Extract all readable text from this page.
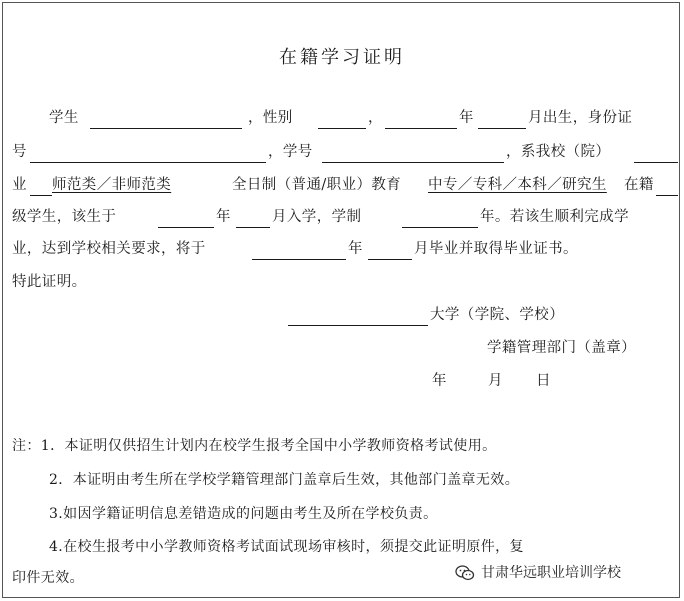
在籍学习证明
学生	，性别	，	年	月出生，身份证
号	，学号	，系我校（院）
业 师范类／非师范类	全日制（普通/职业）教育 中专／专科／本科／研究生 在籍
级学生，该生于	年	月入学，学制	年。若该生顺利完成学
业，达到学校相关要求，将于	年	月毕业并取得毕业证书。
特此证明。
大学（学院、学校）
学籍管理部门（盖章）
年	月 日
注：1．本证明仅供招生计划内在校学生报考全国中小学教师资格考试使用。
2．本证明由考生所在学校学籍管理部门盖章后生效，其他部门盖章无效。
3.如因学籍证明信息差错造成的问题由考生及所在学校负责。
4.在校生报考中小学教师资格考试面试现场审核时，须提交此证明原件，复
印件无效。	甘肃华远职业培训学校
